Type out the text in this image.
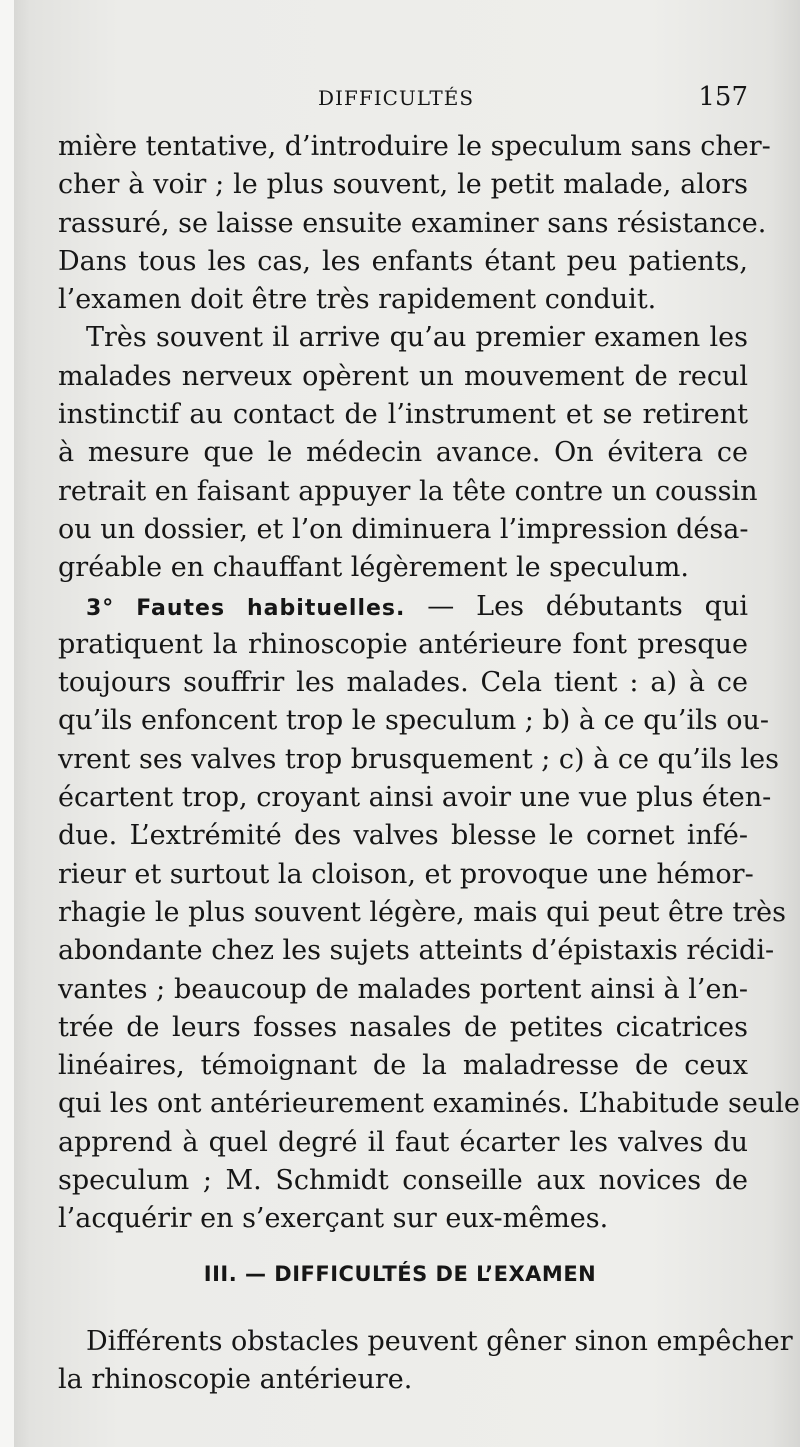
DIFFICULTÉS	157
mière tentative, d’introduire le speculum sans cher-
cher à voir ; le plus souvent, le petit malade, alors
rassuré, se laisse ensuite examiner sans résistance.
Dans tous les cas, les enfants étant peu patients,
l’examen doit être très rapidement conduit.
Très souvent il arrive qu’au premier examen les
malades nerveux opèrent un mouvement de recul
instinctif au contact de l’instrument et se retirent
à mesure que le médecin avance. On évitera ce
retrait en faisant appuyer la tête contre un coussin
ou un dossier, et l’on diminuera l’impression désa-
gréable en chauffant légèrement le speculum.
3° Fautes habituelles. — Les débutants qui
pratiquent la rhinoscopie antérieure font presque
toujours souffrir les malades. Cela tient : a) à ce
qu’ils enfoncent trop le speculum ; b) à ce qu’ils ou-
vrent ses valves trop brusquement ; c) à ce qu’ils les
écartent trop, croyant ainsi avoir une vue plus éten-
due. L’extrémité des valves blesse le cornet infé-
rieur et surtout la cloison, et provoque une hémor-
rhagie le plus souvent légère, mais qui peut être très
abondante chez les sujets atteints d’épistaxis récidi-
vantes ; beaucoup de malades portent ainsi à l’en-
trée de leurs fosses nasales de petites cicatrices
linéaires, témoignant de la maladresse de ceux
qui les ont antérieurement examinés. L’habitude seule
apprend à quel degré il faut écarter les valves du
speculum ; M. Schmidt conseille aux novices de
l’acquérir en s’exerçant sur eux-mêmes.
III. — DIFFICULTÉS DE L’EXAMEN
Différents obstacles peuvent gêner sinon empêcher
la rhinoscopie antérieure.
